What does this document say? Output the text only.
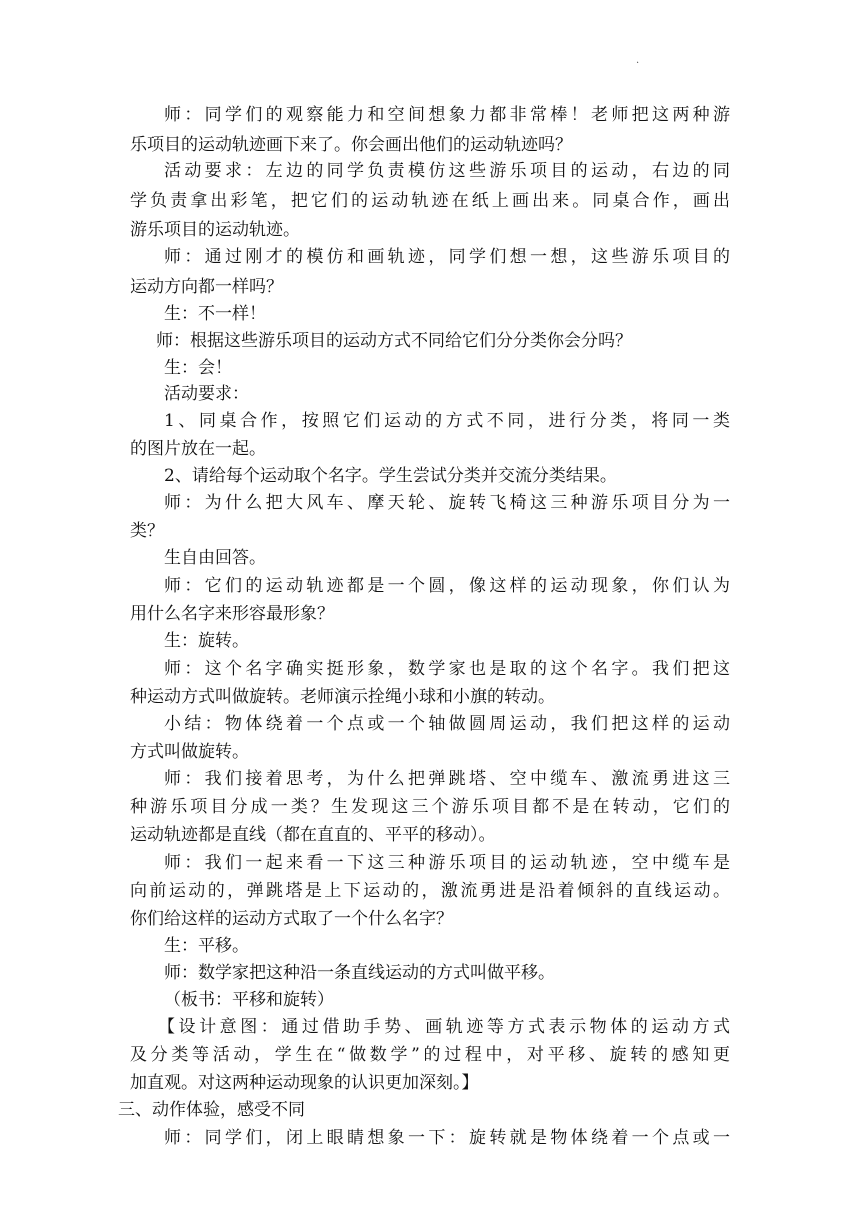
.
师：同学们的观察能力和空间想象力都非常棒！老师把这两种游
乐项目的运动轨迹画下来了。你会画出他们的运动轨迹吗？
活动要求：左边的同学负责模仿这些游乐项目的运动，右边的同
学负责拿出彩笔，把它们的运动轨迹在纸上画出来。同桌合作，画出
游乐项目的运动轨迹。
师：通过刚才的模仿和画轨迹，同学们想一想，这些游乐项目的
运动方向都一样吗？
生：不一样！
师：根据这些游乐项目的运动方式不同给它们分分类你会分吗？
生：会！
活动要求：
1、同桌合作，按照它们运动的方式不同，进行分类，将同一类
的图片放在一起。
2、请给每个运动取个名字。学生尝试分类并交流分类结果。
师：为什么把大风车、摩天轮、旋转飞椅这三种游乐项目分为一
类？
生自由回答。
师：它们的运动轨迹都是一个圆，像这样的运动现象，你们认为
用什么名字来形容最形象？
生：旋转。
师：这个名字确实挺形象，数学家也是取的这个名字。我们把这
种运动方式叫做旋转。老师演示拴绳小球和小旗的转动。
小结：物体绕着一个点或一个轴做圆周运动，我们把这样的运动
方式叫做旋转。
师：我们接着思考，为什么把弹跳塔、空中缆车、激流勇进这三
种游乐项目分成一类？生发现这三个游乐项目都不是在转动，它们的
运动轨迹都是直线（都在直直的、平平的移动）。
师：我们一起来看一下这三种游乐项目的运动轨迹，空中缆车是
向前运动的，弹跳塔是上下运动的，激流勇进是沿着倾斜的直线运动。
你们给这样的运动方式取了一个什么名字？
生：平移。
师：数学家把这种沿一条直线运动的方式叫做平移。
（板书：平移和旋转）
【设计意图：通过借助手势、画轨迹等方式表示物体的运动方式
及分类等活动，学生在“做数学”的过程中，对平移、旋转的感知更
加直观。对这两种运动现象的认识更加深刻。】
三、动作体验，感受不同
师：同学们，闭上眼睛想象一下：旋转就是物体绕着一个点或一
